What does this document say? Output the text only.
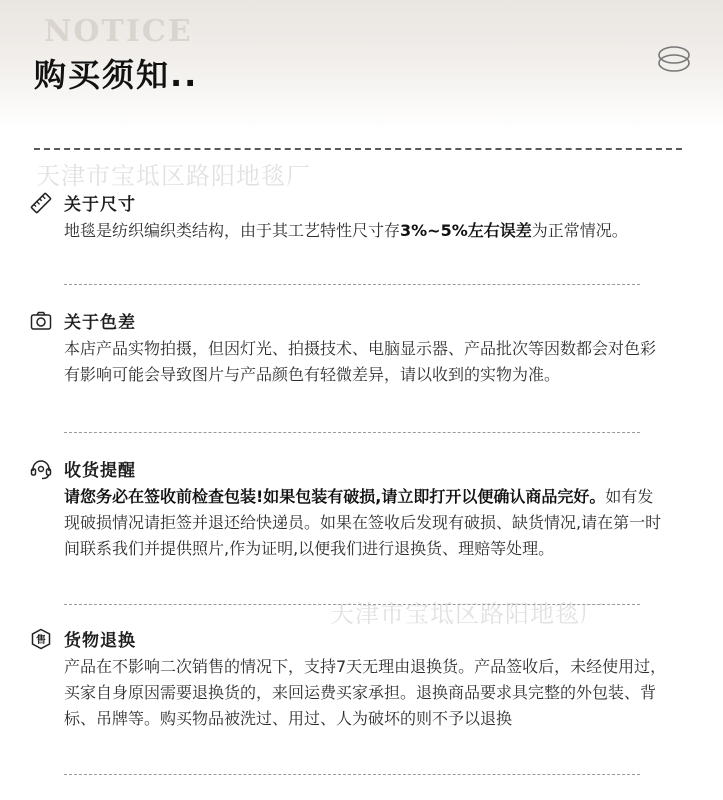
NOTICE
购买须知..
天津市宝坻区路阳地毯厂
关于尺寸
地毯是纺织编织类结构，由于其工艺特性尺寸存3%~5%左右误差为正常情况。
关于色差
本店产品实物拍摄，但因灯光、拍摄技术、电脑显示器、产品批次等因数都会对色彩有影响可能会导致图片与产品颜色有轻微差异，请以收到的实物为准。
收货提醒
请您务必在签收前检查包装!如果包装有破损,请立即打开以便确认商品完好。如有发现破损情况请拒签并退还给快递员。如果在签收后发现有破损、缺货情况,请在第一时间联系我们并提供照片,作为证明,以便我们进行退换货、理赔等处理。
天津市宝坻区路阳地毯厂
售 货物退换
产品在不影响二次销售的情况下，支持7天无理由退换货。产品签收后，未经使用过，买家自身原因需要退换货的，来回运费买家承担。退换商品要求具完整的外包装、背标、吊牌等。购买物品被洗过、用过、人为破坏的则不予以退换
